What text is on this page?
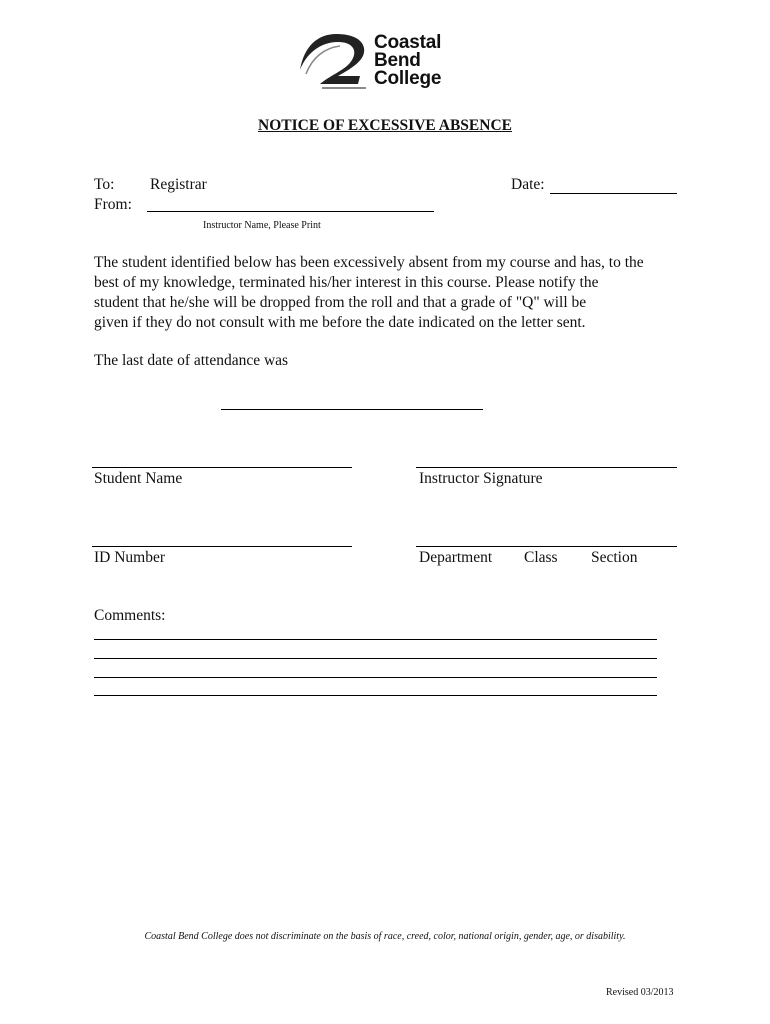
Coastal
Bend
College
NOTICE OF EXCESSIVE ABSENCE
To: Registrar	Date:
From:
Instructor Name, Please Print
The student identified below has been excessively absent from my course and has, to the
best of my knowledge, terminated his/her interest in this course. Please notify the
student that he/she will be dropped from the roll and that a grade of "Q" will be
given if they do not consult with me before the date indicated on the letter sent.
The last date of attendance was
Student Name	Instructor Signature
ID Number	Department Class Section
Comments:
Coastal Bend College does not discriminate on the basis of race, creed, color, national origin, gender, age, or disability.
Revised 03/2013
